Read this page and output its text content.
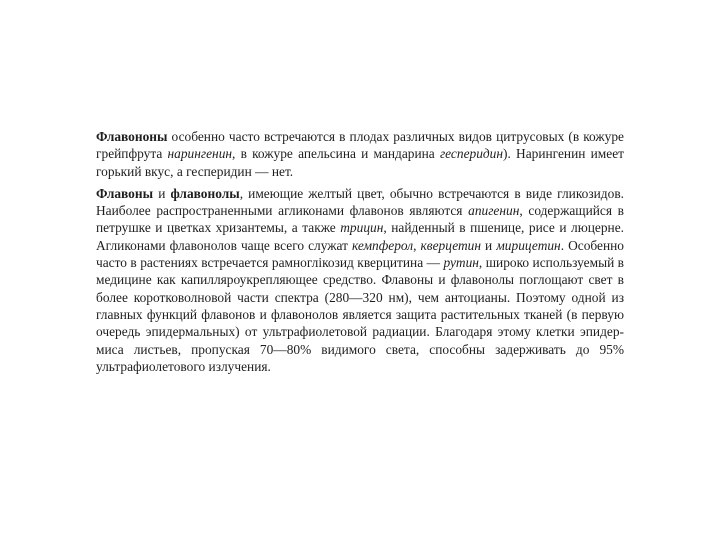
Флавононы особенно часто встречаются в плодах различных видов цитрусовых (в кожуре грейпфрута нарингенин, в кожуре апельсина и мандарина гесперидин). Нарингенин имеет горький вкус, а гесперидин — нет.

Флавоны и флавонолы, имеющие желтый цвет, обычно встречаются в виде гликозидов. Наиболее распространенными агликонами флавонов являются апигенин, содержащийся в петрушке и цветках хризантемы, а также трицин, найденный в пшенице, рисе и люцерне. Агликонами флавонолов чаще всего служат кемпферол, кверцетин и мирицетин. Особенно часто в растениях встречается рамноглікозид кверцитина — рутин, широко используемый в медицине как капилляроукрепляющее средство. Флавоны и флавонолы поглощают свет в более коротковолновой части спектра (280—320 нм), чем антоцианы. Поэтому одной из главных функций флавонов и флавонолов является защита растительных тканей (в первую очередь эпидермальных) от ультрафиолетовой радиации. Благодаря этому клетки эпидермиса листьев, пропуская 70—80% видимого света, способны задерживать до 95% ультрафиолетового излучения.
